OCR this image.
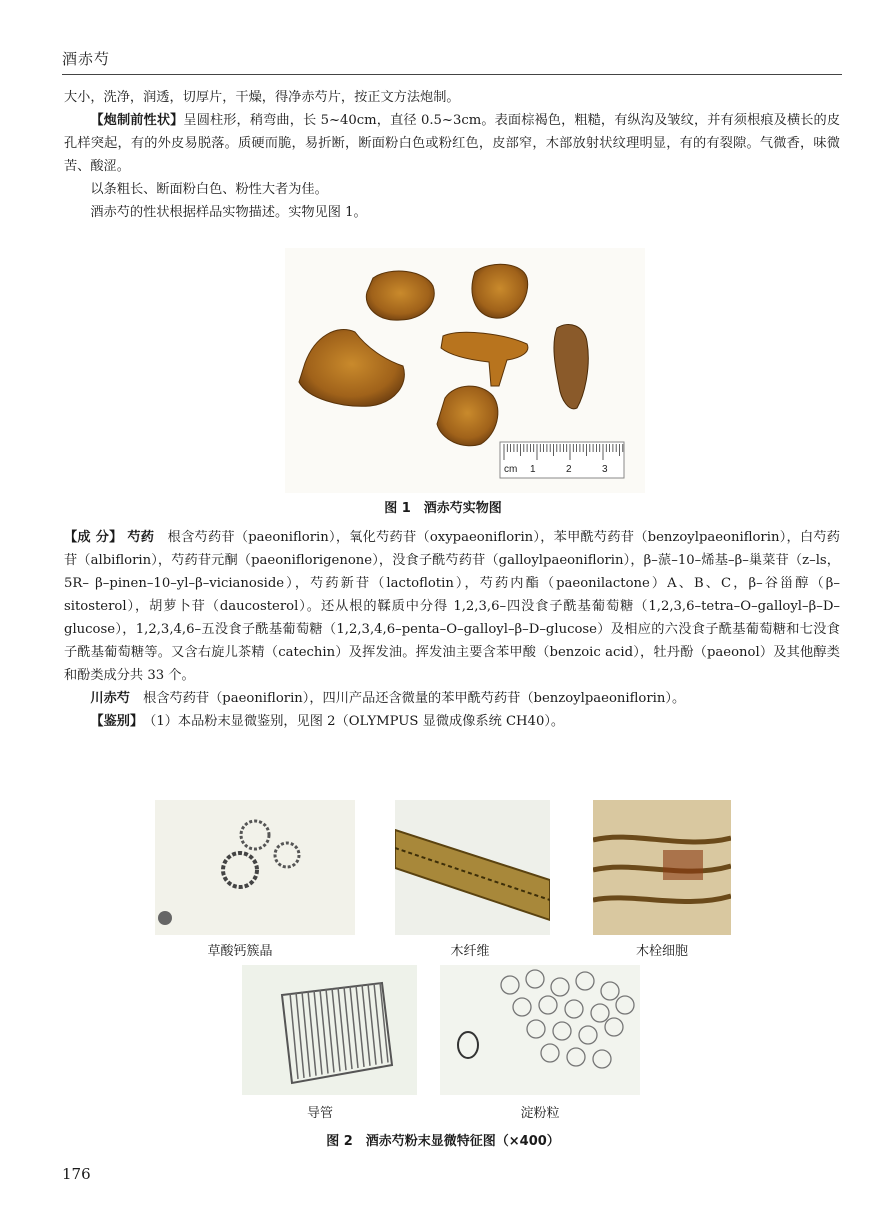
酒赤芍

大小，洗净，润透，切厚片，干燥，得净赤芍片，按正文方法炮制。

【炮制前性状】呈圆柱形，稍弯曲，长 5~40cm，直径 0.5~3cm。表面棕褐色，粗糙，有纵沟及皱纹，并有须根痕及横长的皮孔样突起，有的外皮易脱落。质硬而脆，易折断，断面粉白色或粉红色，皮部窄，木部放射状纹理明显，有的有裂隙。气微香，味微苦、酸涩。

以条粗长、断面粉白色、粉性大者为佳。

酒赤芍的性状根据样品实物描述。实物见图 1。

cm 1	2	3
图 1　酒赤芍实物图

【成 分】 芍药　 根含芍药苷（paeoniflorin），氧化芍药苷（oxypaeoniflorin），苯甲酰芍药苷（benzoylpaeoniflorin），白芍药苷（albiflorin），芍药苷元酮（paeoniflorigenone），没食子酰芍药苷（galloylpaeoniflorin），β–蒎–10–烯基–β–巢菜苷（z–ls，5R– β–pinen–10–yl–β–vicianoside），芍药新苷（lactoflotin），芍药内酯（paeonilactone）A、B、C，β–谷甾醇（β–sitosterol），胡萝卜苷（daucosterol）。还从根的鞣质中分得 1,2,3,6–四没食子酰基葡萄糖（1,2,3,6–tetra–O–galloyl–β–D–glucose），1,2,3,4,6–五没食子酰基葡萄糖（1,2,3,4,6–penta–O–galloyl–β–D–glucose）及相应的六没食子酰基葡萄糖和七没食子酰基葡萄糖等。又含右旋儿茶精（catechin）及挥发油。挥发油主要含苯甲酸（benzoic acid），牡丹酚（paeonol）及其他醇类和酚类成分共 33 个。

川赤芍　 根含芍药苷（paeoniflorin），四川产品还含微量的苯甲酰芍药苷（benzoylpaeoniflorin）。

【鉴别】　 （1）本品粉末显微鉴别，见图 2（OLYMPUS 显微成像系统 CH40）。

草酸钙簇晶	木纤维	木栓细胞
导管	淀粉粒
图 2　酒赤芍粉末显微特征图（×400）
176
